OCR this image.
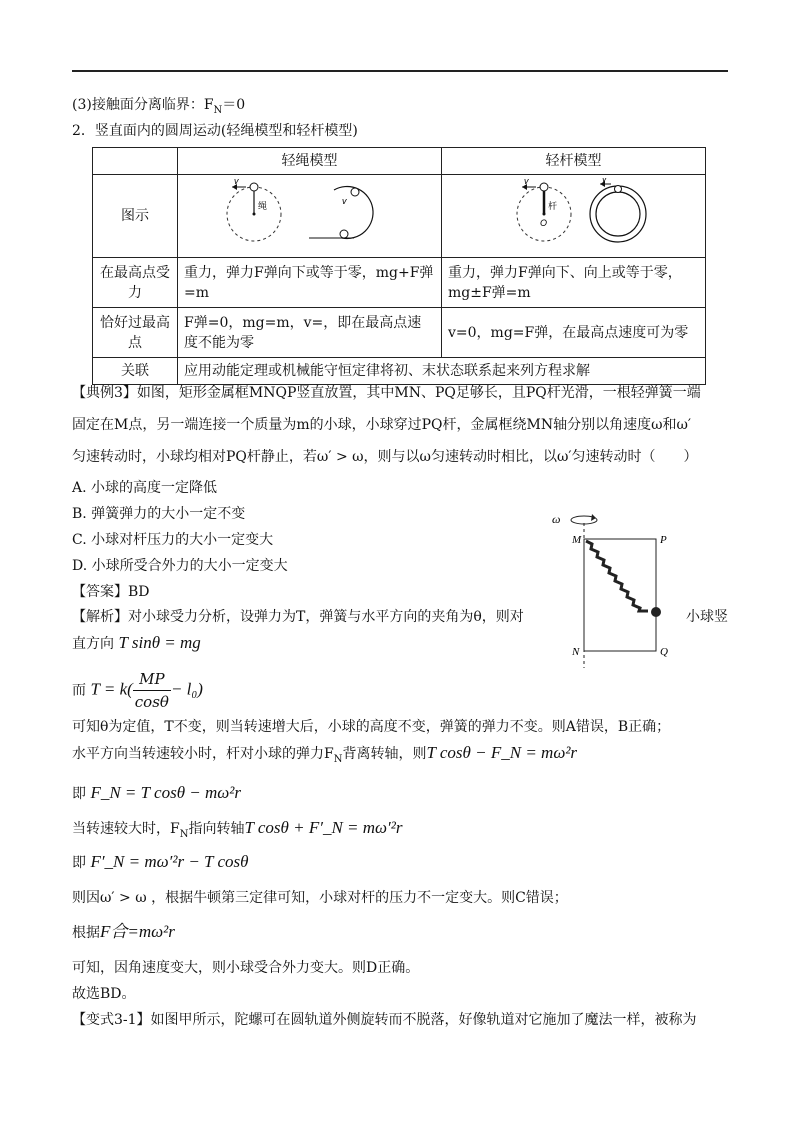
(3)接触面分离临界：$F_N=0$
2．竖直面内的圆周运动(轻绳模型和轻杆模型)
	轻绳模型	轻杆模型
图示	v
绳
v	v
杆
O
v

在最高点受力	重力，弹力F弹向下或等于零，mg+F弹=m	重力，弹力F弹向下、向上或等于零，mg±F弹=m
恰好过最高点	F弹=0，mg=m，v=，即在最高点速度不能为零	v=0，mg=F弹，在最高点速度可为零
关联	应用动能定理或机械能守恒定律将初、末状态联系起来列方程求解	
【典例3】如图，矩形金属框MNQP竖直放置，其中MN、PQ足够长，且PQ杆光滑，一根轻弹簧一端
固定在M点，另一端连接一个质量为m的小球，小球穿过PQ杆，金属框绕MN轴分别以角速度ω和ω′
匀速转动时，小球均相对PQ杆静止，若ω′ > ω，则与以ω匀速转动时相比，以ω′匀速转动时（　　）
A. 小球的高度一定降低
B. 弹簧弹力的大小一定不变
C. 小球对杆压力的大小一定变大
D. 小球所受合外力的大小一定变大
【答案】BD
【解析】对小球受力分析，设弹力为T，弹簧与水平方向的夹角为θ，则对	小球竖
直方向 T sinθ = mg
而 $T = k( \frac{MP}{\cos\theta} - l_0)$
可知θ为定值，T不变，则当转速增大后，小球的高度不变，弹簧的弹力不变。则A错误，B正确；
水平方向当转速较小时，杆对小球的弹力$F_N$背离转轴，则T cosθ − F_N = mω²r
即 F_N = T cosθ − mω²r
当转速较大时，$F_N$指向转轴T cosθ + F′_N = mω′²r
即 F′_N = mω′²r − T cosθ
则因ω′ > ω ，根据牛顿第三定律可知，小球对杆的压力不一定变大。则C错误；
根据F合=mω²r
可知，因角速度变大，则小球受合外力变大。则D正确。
故选BD。
【变式3-1】如图甲所示，陀螺可在圆轨道外侧旋转而不脱落，好像轨道对它施加了魔法一样，被称为
ω
M	P
N	Q
